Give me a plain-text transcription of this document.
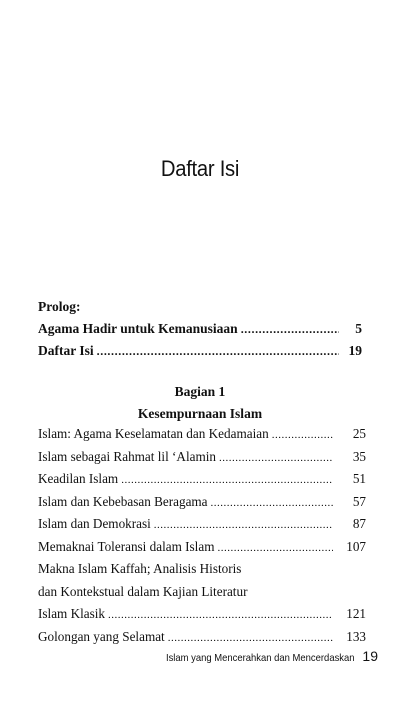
Daftar Isi
Prolog:
Agama Hadir untuk Kemanusiaan .....	5
Daftar Isi .....	19
Bagian 1
Kesempurnaan Islam
Islam: Agama Keselamatan dan Kedamaian .....	25
Islam sebagai Rahmat lil ‘Alamin .....	35
Keadilan Islam .....	51
Islam dan Kebebasan Beragama .....	57
Islam dan Demokrasi .....	87
Memaknai Toleransi dalam Islam .....	107
Makna Islam Kaffah; Analisis Historis
dan Kontekstual dalam Kajian Literatur
Islam Klasik .....	121
Golongan yang Selamat .....	133
Islam yang Mencerahkan dan Mencerdaskan 19
